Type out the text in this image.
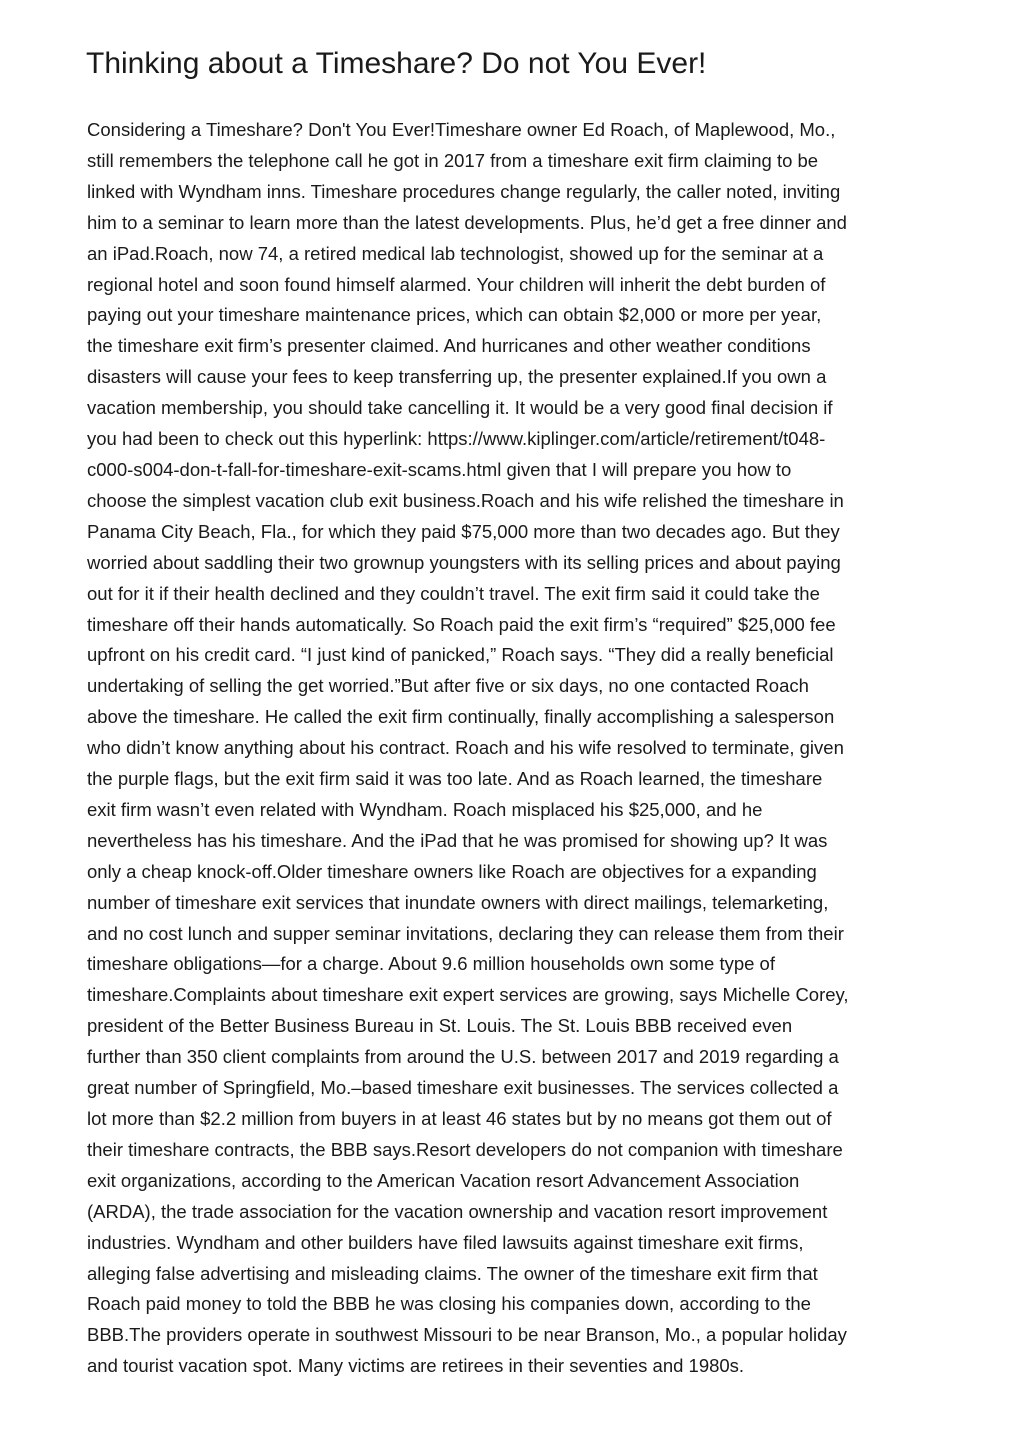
Thinking about a Timeshare? Do not You Ever!
Considering a Timeshare? Don't You Ever!Timeshare owner Ed Roach, of Maplewood, Mo.,
still remembers the telephone call he got in 2017 from a timeshare exit firm claiming to be
linked with Wyndham inns. Timeshare procedures change regularly, the caller noted, inviting
him to a seminar to learn more than the latest developments. Plus, he’d get a free dinner and
an iPad.Roach, now 74, a retired medical lab technologist, showed up for the seminar at a
regional hotel and soon found himself alarmed. Your children will inherit the debt burden of
paying out your timeshare maintenance prices, which can obtain $2,000 or more per year,
the timeshare exit firm’s presenter claimed. And hurricanes and other weather conditions
disasters will cause your fees to keep transferring up, the presenter explained.If you own a
vacation membership, you should take cancelling it. It would be a very good final decision if
you had been to check out this hyperlink: https://www.kiplinger.com/article/retirement/t048-
c000-s004-don-t-fall-for-timeshare-exit-scams.html given that I will prepare you how to
choose the simplest vacation club exit business.Roach and his wife relished the timeshare in
Panama City Beach, Fla., for which they paid $75,000 more than two decades ago. But they
worried about saddling their two grownup youngsters with its selling prices and about paying
out for it if their health declined and they couldn’t travel. The exit firm said it could take the
timeshare off their hands automatically. So Roach paid the exit firm’s “required” $25,000 fee
upfront on his credit card. “I just kind of panicked,” Roach says. “They did a really beneficial
undertaking of selling the get worried.”But after five or six days, no one contacted Roach
above the timeshare. He called the exit firm continually, finally accomplishing a salesperson
who didn’t know anything about his contract. Roach and his wife resolved to terminate, given
the purple flags, but the exit firm said it was too late. And as Roach learned, the timeshare
exit firm wasn’t even related with Wyndham. Roach misplaced his $25,000, and he
nevertheless has his timeshare. And the iPad that he was promised for showing up? It was
only a cheap knock-off.Older timeshare owners like Roach are objectives for a expanding
number of timeshare exit services that inundate owners with direct mailings, telemarketing,
and no cost lunch and supper seminar invitations, declaring they can release them from their
timeshare obligations—for a charge. About 9.6 million households own some type of
timeshare.Complaints about timeshare exit expert services are growing, says Michelle Corey,
president of the Better Business Bureau in St. Louis. The St. Louis BBB received even
further than 350 client complaints from around the U.S. between 2017 and 2019 regarding a
great number of Springfield, Mo.–based timeshare exit businesses. The services collected a
lot more than $2.2 million from buyers in at least 46 states but by no means got them out of
their timeshare contracts, the BBB says.Resort developers do not companion with timeshare
exit organizations, according to the American Vacation resort Advancement Association
(ARDA), the trade association for the vacation ownership and vacation resort improvement
industries. Wyndham and other builders have filed lawsuits against timeshare exit firms,
alleging false advertising and misleading claims. The owner of the timeshare exit firm that
Roach paid money to told the BBB he was closing his companies down, according to the
BBB.The providers operate in southwest Missouri to be near Branson, Mo., a popular holiday
and tourist vacation spot. Many victims are retirees in their seventies and 1980s.
